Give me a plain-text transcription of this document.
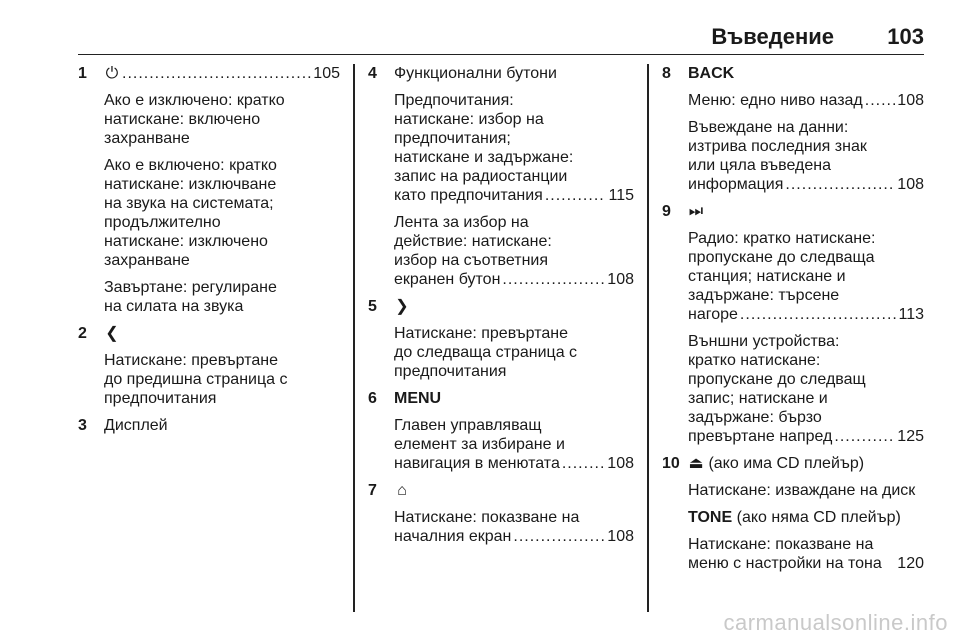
Въведение 103
1	⏻ .....	105
Ако е изключено: кратко
натискане: включено
захранване
Ако е включено: кратко
натискане: изключване
на звука на системата;
продължително
натискане: изключено
захранване
Завъртане: регулиране
на силата на звука
2	❮
Натискане: превъртане
до предишна страница с
предпочитания
3	Дисплей
4	Функционални бутони
Предпочитания:
натискане: избор на
предпочитания;
натискане и задържане:
запис на радиостанции
като предпочитания .....	115
Лента за избор на
действие: натискане:
избор на съответния
екранен бутон .....	108
5	❯
Натискане: превъртане
до следваща страница с
предпочитания
6	MENU
Главен управляващ
елемент за избиране и
навигация в менютата .....	108
7	⌂
Натискане: показване на
началния екран .....	108
8	BACK
Меню: едно ниво назад ..... 108
Въвеждане на данни:
изтрива последния знак
или цяла въведена
информация .....	108
9	⏭
Радио: кратко натискане:
пропускане до следваща
станция; натискане и
задържане: търсене
нагоре .....	113
Външни устройства:
кратко натискане:
пропускане до следващ
запис; натискане и
задържане: бързо
превъртане напред .....	125
10 ⏏ (ако има CD плейър)
Натискане: изваждане на диск
TONE (ако няма CD плейър)
Натискане: показване на
меню с настройки на тона 120
carmanualsonline.info
